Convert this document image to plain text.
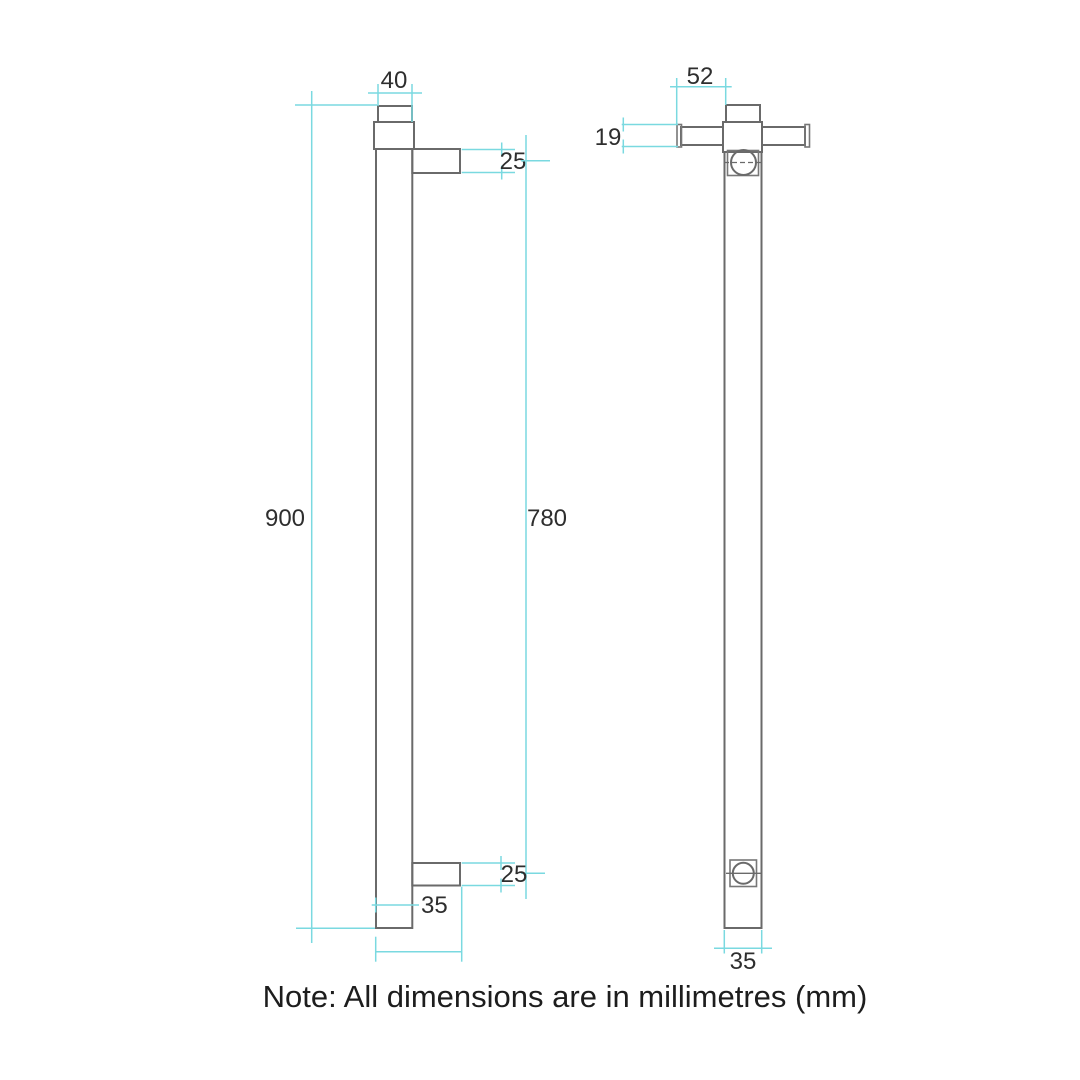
40
25
900	780
25
35
52
19
35
Note: All dimensions are in millimetres (mm)
